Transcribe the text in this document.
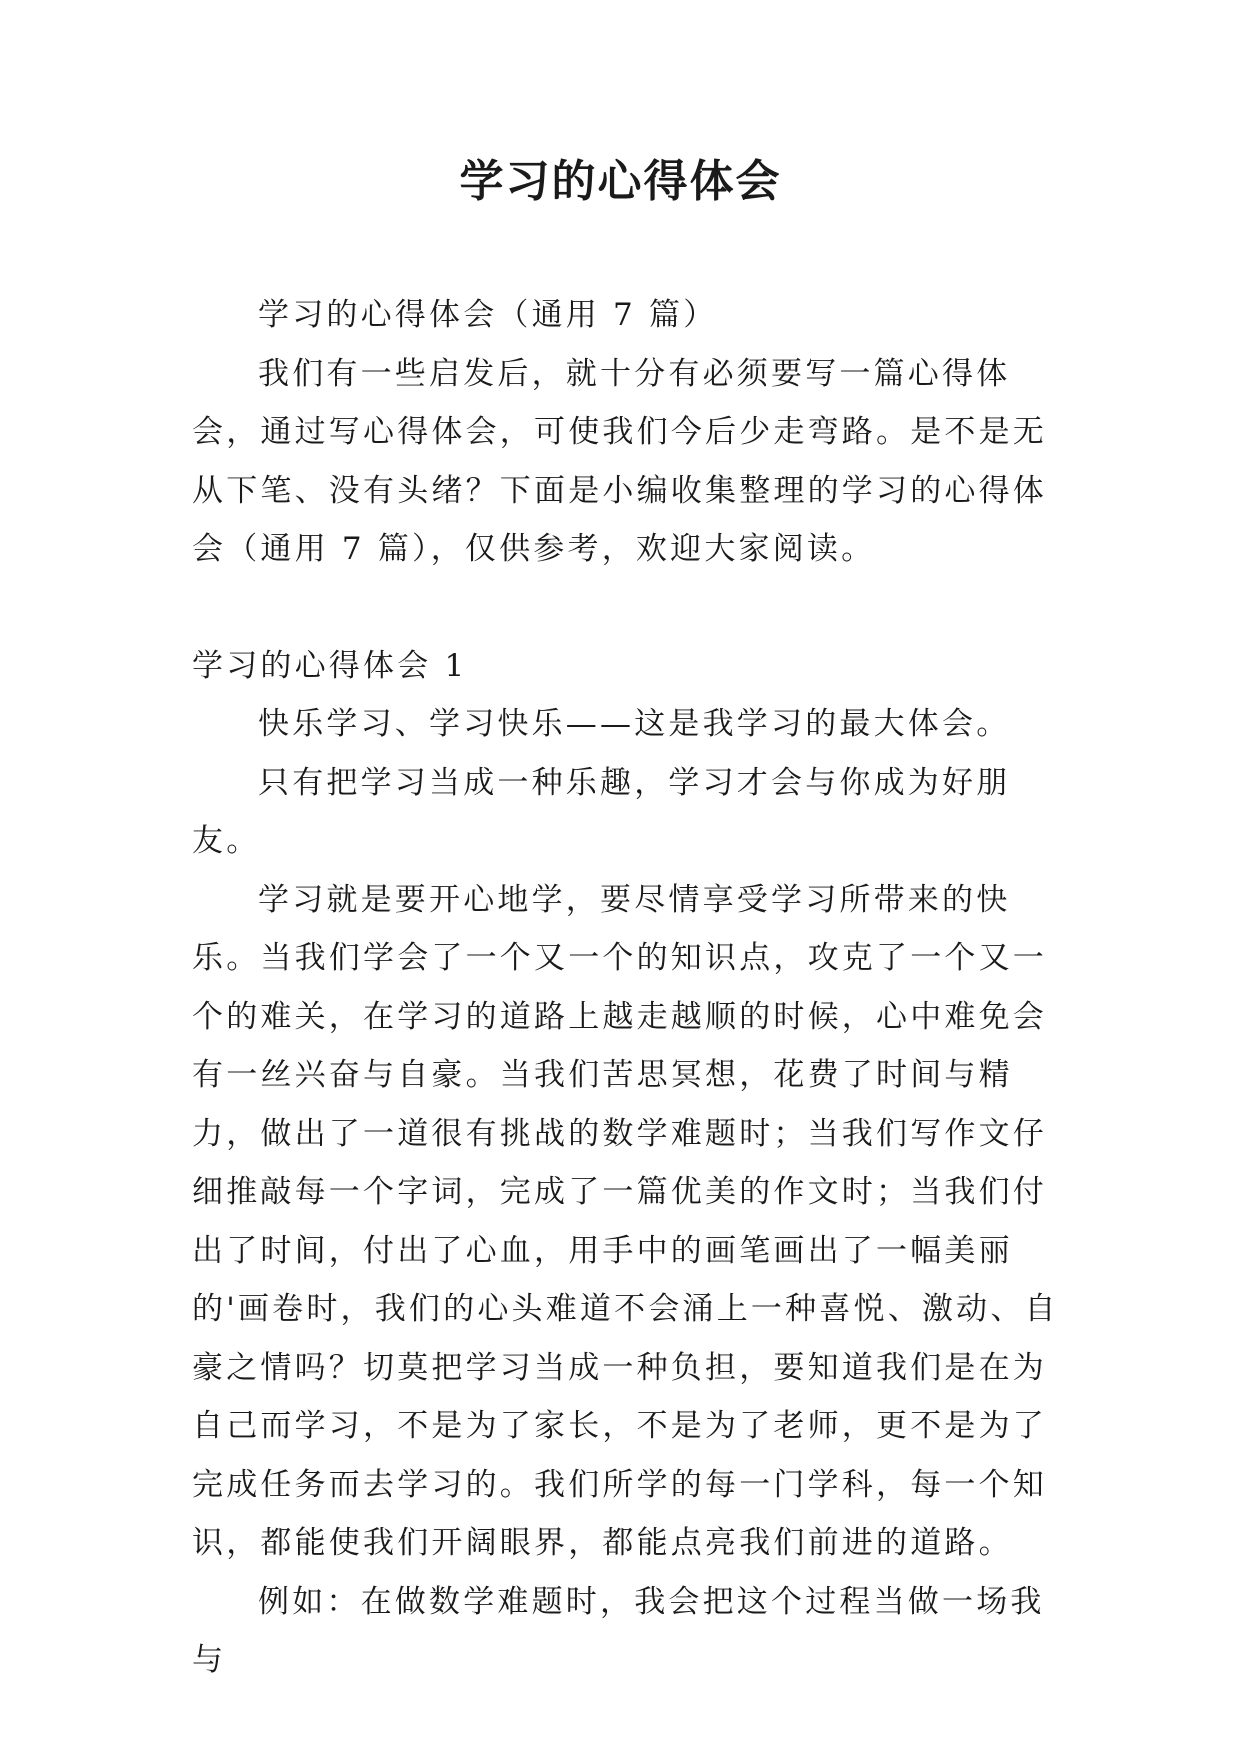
学习的心得体会

学习的心得体会（通用 7 篇）

我们有一些启发后，就十分有必须要写一篇心得体会，通过写心得体会，可使我们今后少走弯路。是不是无从下笔、没有头绪？下面是小编收集整理的学习的心得体会（通用 7 篇），仅供参考，欢迎大家阅读。

学习的心得体会 1

快乐学习、学习快乐——这是我学习的最大体会。

只有把学习当成一种乐趣，学习才会与你成为好朋友。

学习就是要开心地学，要尽情享受学习所带来的快乐。当我们学会了一个又一个的知识点，攻克了一个又一个的难关，在学习的道路上越走越顺的时候，心中难免会有一丝兴奋与自豪。当我们苦思冥想，花费了时间与精力，做出了一道很有挑战的数学难题时；当我们写作文仔细推敲每一个字词，完成了一篇优美的作文时；当我们付出了时间，付出了心血，用手中的画笔画出了一幅美丽的'画卷时，我们的心头难道不会涌上一种喜悦、激动、自豪之情吗？切莫把学习当成一种负担，要知道我们是在为自己而学习，不是为了家长，不是为了老师，更不是为了完成任务而去学习的。我们所学的每一门学科，每一个知识，都能使我们开阔眼界，都能点亮我们前进的道路。

例如：在做数学难题时，我会把这个过程当做一场我与
